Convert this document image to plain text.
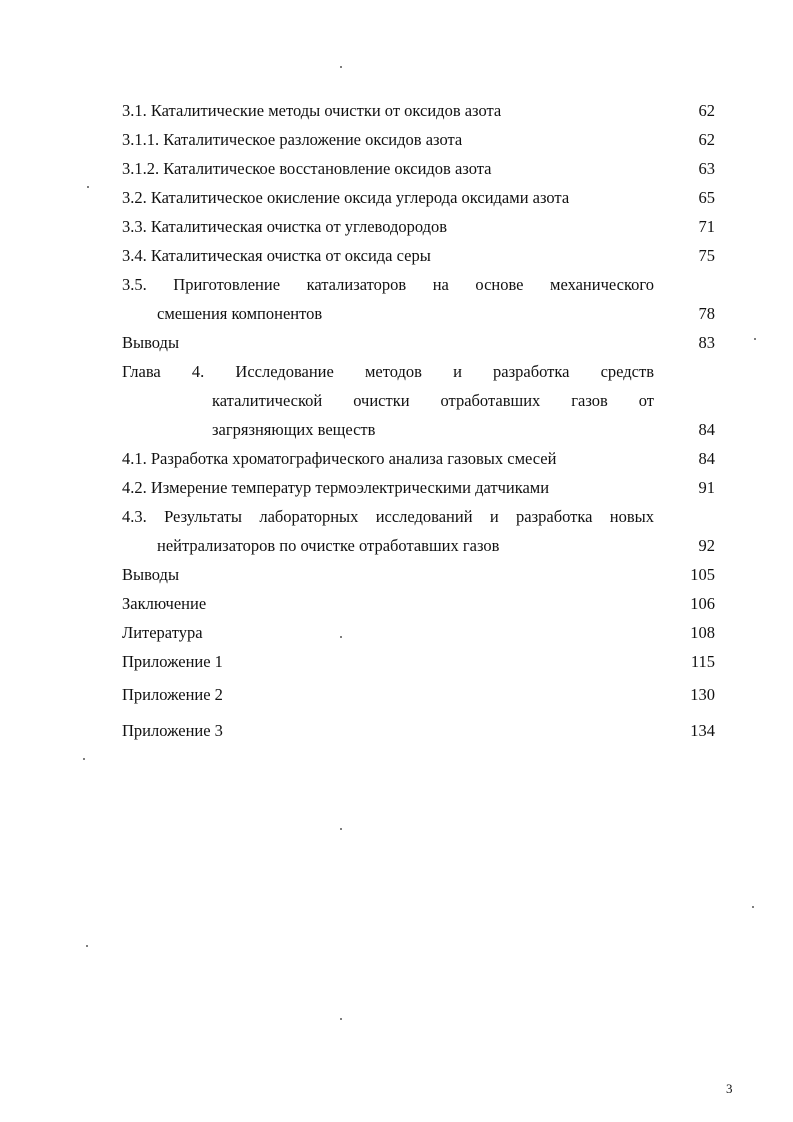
3.1. Каталитические методы очистки от оксидов азота	62
3.1.1. Каталитическое разложение оксидов азота	62
3.1.2. Каталитическое восстановление оксидов азота	63
3.2. Каталитическое окисление оксида углерода оксидами азота	65
3.3. Каталитическая очистка от углеводородов	71
3.4. Каталитическая очистка от оксида серы	75
3.5. Приготовление катализаторов на основе механического
смешения компонентов	78
Выводы	83
Глава 4. Исследование методов и разработка средств
каталитической очистки отработавших газов от
загрязняющих веществ	84
4.1. Разработка хроматографического анализа газовых смесей	84
4.2. Измерение температур термоэлектрическими датчиками	91
4.3. Результаты лабораторных исследований и разработка новых
нейтрализаторов по очистке отработавших газов	92
Выводы	105
Заключение	106
Литература	108
Приложение 1	115
Приложение 2	130
Приложение 3	134
3
